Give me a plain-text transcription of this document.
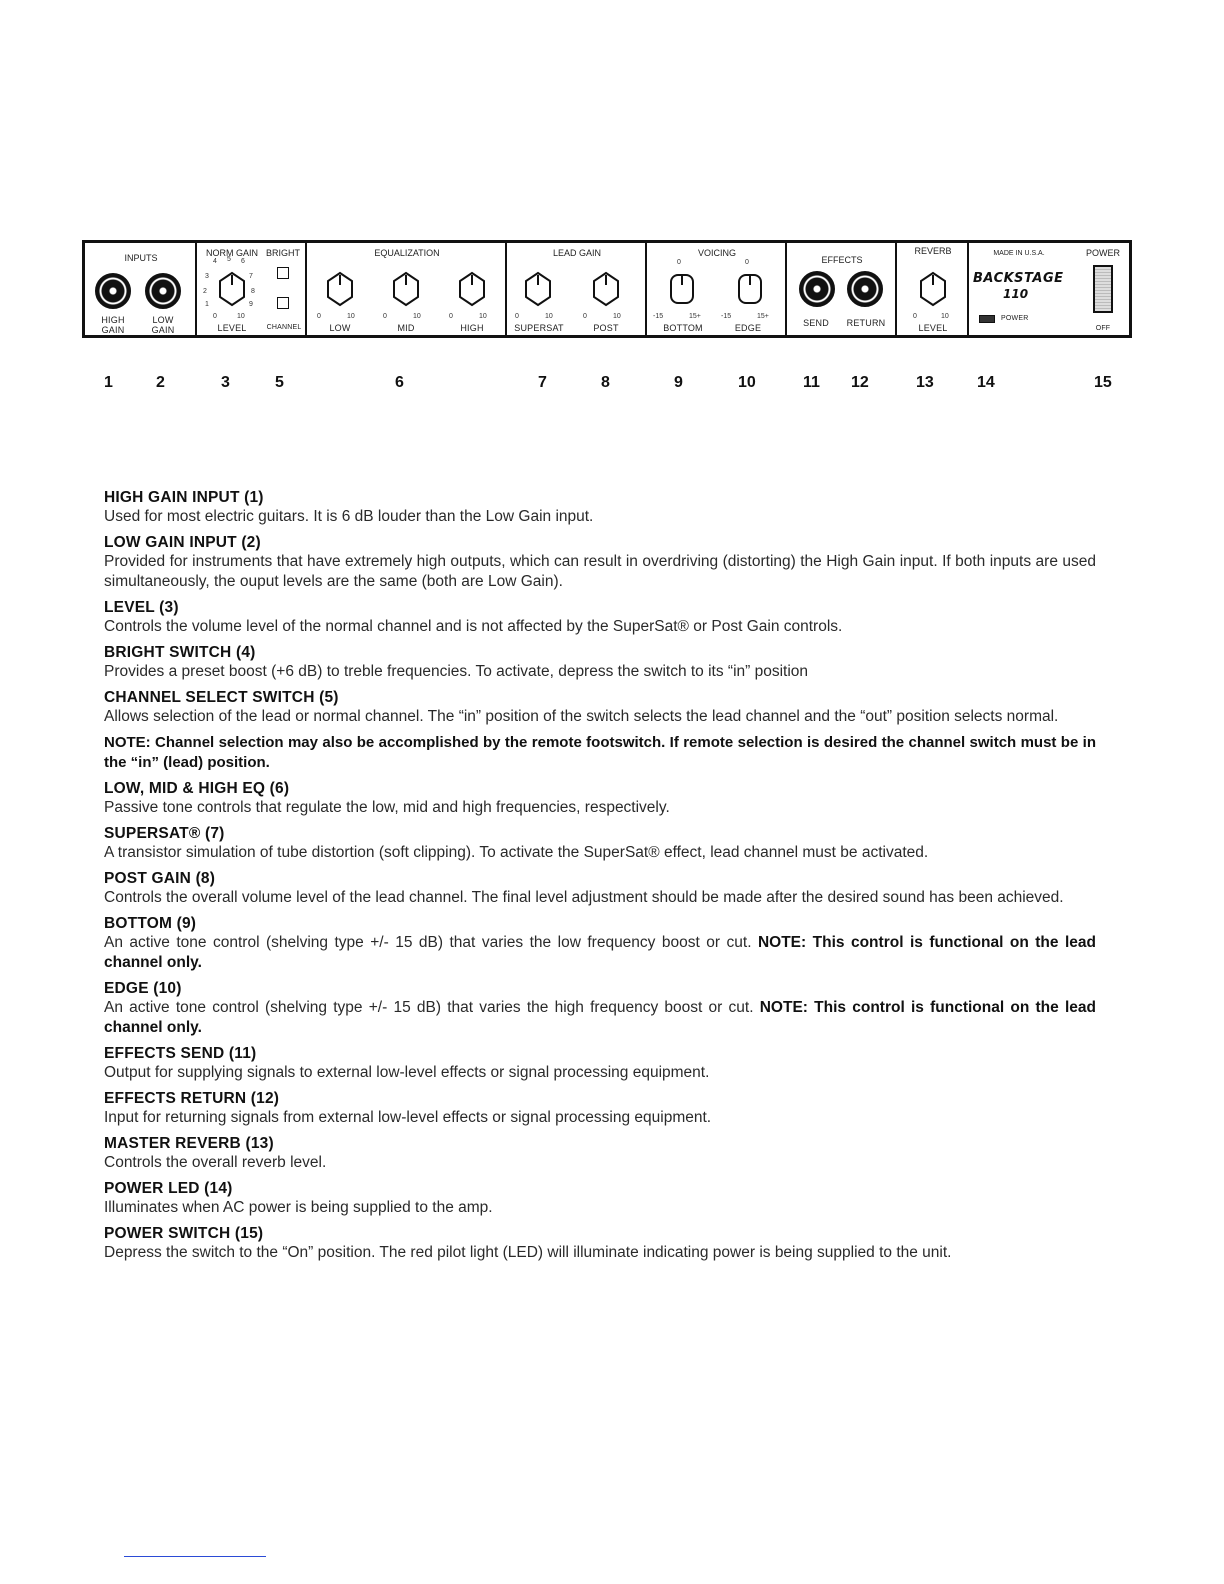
INPUTS
HIGH
GAIN
LOW
GAIN
NORM GAIN BRIGHT
4 5 6
3	7
2	8
1	9
0	10
LEVEL	CHANNEL
EQUALIZATION
0	10	0	10	0	10
LOW	MID	HIGH
LEAD GAIN
0	10	0	10
SUPERSAT	POST
VOICING
0	0
-15	15+	-15	15+
BOTTOM	EDGE
EFFECTS
SEND	RETURN
REVERB
0	10
LEVEL
MADE IN U.S.A.	POWER
BACKSTAGE
110
POWER
OFF
1	2	3	5	6	7	8	9	10	11 12	13	14	15
HIGH GAIN INPUT (1)
Used for most electric guitars. It is 6 dB louder than the Low Gain input.
LOW GAIN INPUT (2)
Provided for instruments that have extremely high outputs, which can result in overdriving (distorting) the High Gain input. If both inputs are used simultaneously, the ouput levels are the same (both are Low Gain).
LEVEL (3)
Controls the volume level of the normal channel and is not affected by the SuperSat® or Post Gain controls.
BRIGHT SWITCH (4)
Provides a preset boost (+6 dB) to treble frequencies. To activate, depress the switch to its “in” position
CHANNEL SELECT SWITCH (5)
Allows selection of the lead or normal channel. The “in” position of the switch selects the lead channel and the “out” position selects normal.
NOTE: Channel selection may also be accomplished by the remote footswitch. If remote selection is desired the channel switch must be in the “in” (lead) position.
LOW, MID & HIGH EQ (6)
Passive tone controls that regulate the low, mid and high frequencies, respectively.
SUPERSAT® (7)
A transistor simulation of tube distortion (soft clipping). To activate the SuperSat® effect, lead channel must be activated.
POST GAIN (8)
Controls the overall volume level of the lead channel. The final level adjustment should be made after the desired sound has been achieved.
BOTTOM (9)
An active tone control (shelving type +/- 15 dB) that varies the low frequency boost or cut. NOTE: This control is functional on the lead channel only.
EDGE (10)
An active tone control (shelving type +/- 15 dB) that varies the high frequency boost or cut. NOTE: This control is functional on the lead channel only.
EFFECTS SEND (11)
Output for supplying signals to external low-level effects or signal processing equipment.
EFFECTS RETURN (12)
Input for returning signals from external low-level effects or signal processing equipment.
MASTER REVERB (13)
Controls the overall reverb level.
POWER LED (14)
Illuminates when AC power is being supplied to the amp.
POWER SWITCH (15)
Depress the switch to the “On” position. The red pilot light (LED) will illuminate indicating power is being supplied to the unit.
